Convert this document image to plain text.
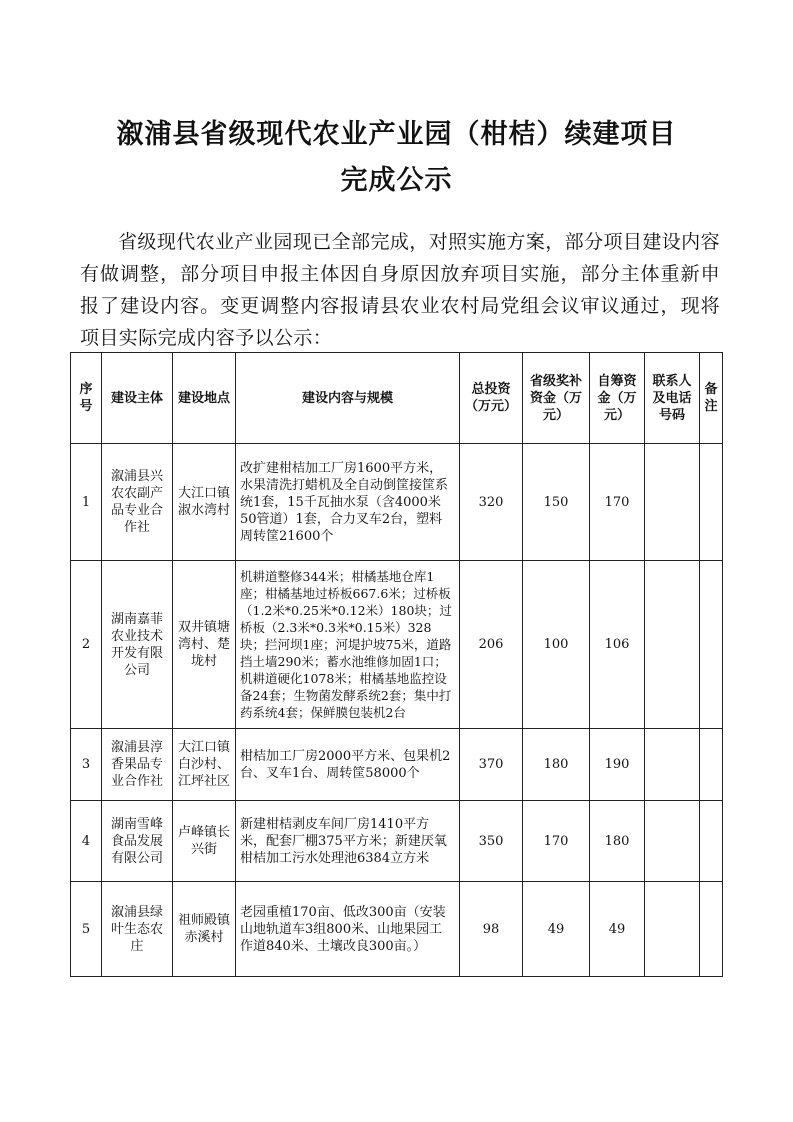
溆浦县省级现代农业产业园（柑桔）续建项目
完成公示

省级现代农业产业园现已全部完成，对照实施方案，部分项目建设内容有做调整，部分项目申报主体因自身原因放弃项目实施，部分主体重新申报了建设内容。变更调整内容报请县农业农村局党组会议审议通过，现将项目实际完成内容予以公示：

序号	建设主体	建设地点	建设内容与规模	总投资（万元）	省级奖补资金（万元）	自筹资金（万元）	联系人及电话号码	备注
1	溆浦县兴农农副产品专业合作社	大江口镇淑水湾村	改扩建柑桔加工厂房1600平方米，水果清洗打蜡机及全自动倒筐接筐系统1套，15千瓦抽水泵（含4000米50管道）1套，合力叉车2台，塑料周转筐21600个	320	150	170		
2	湖南嘉菲农业技术开发有限公司	双井镇塘湾村、楚垅村	机耕道整修344米；柑橘基地仓库1座；柑橘基地过桥板667.6米；过桥板（1.2米*0.25米*0.12米）180块；过桥板（2.3米*0.3米*0.15米）328块；拦河坝1座；河堤护坡75米，道路挡土墙290米；蓄水池维修加固1口；机耕道硬化1078米；柑橘基地监控设备24套；生物菌发酵系统2套；集中打药系统4套；保鲜膜包装机2台	206	100	106		
3	溆浦县淳香果品专业合作社	大江口镇白沙村、江坪社区	柑桔加工厂房2000平方米、包果机2台、叉车1台、周转筐58000个	370	180	190		
4	湖南雪峰食品发展有限公司	卢峰镇长兴街	新建柑桔剥皮车间厂房1410平方米，配套厂棚375平方米；新建厌氧柑桔加工污水处理池6384立方米	350	170	180		
5	溆浦县绿叶生态农庄	祖师殿镇赤溪村	老园重植170亩、低改300亩（安装山地轨道车3组800米、山地果园工作道840米、土壤改良300亩。）	98	49	49		
